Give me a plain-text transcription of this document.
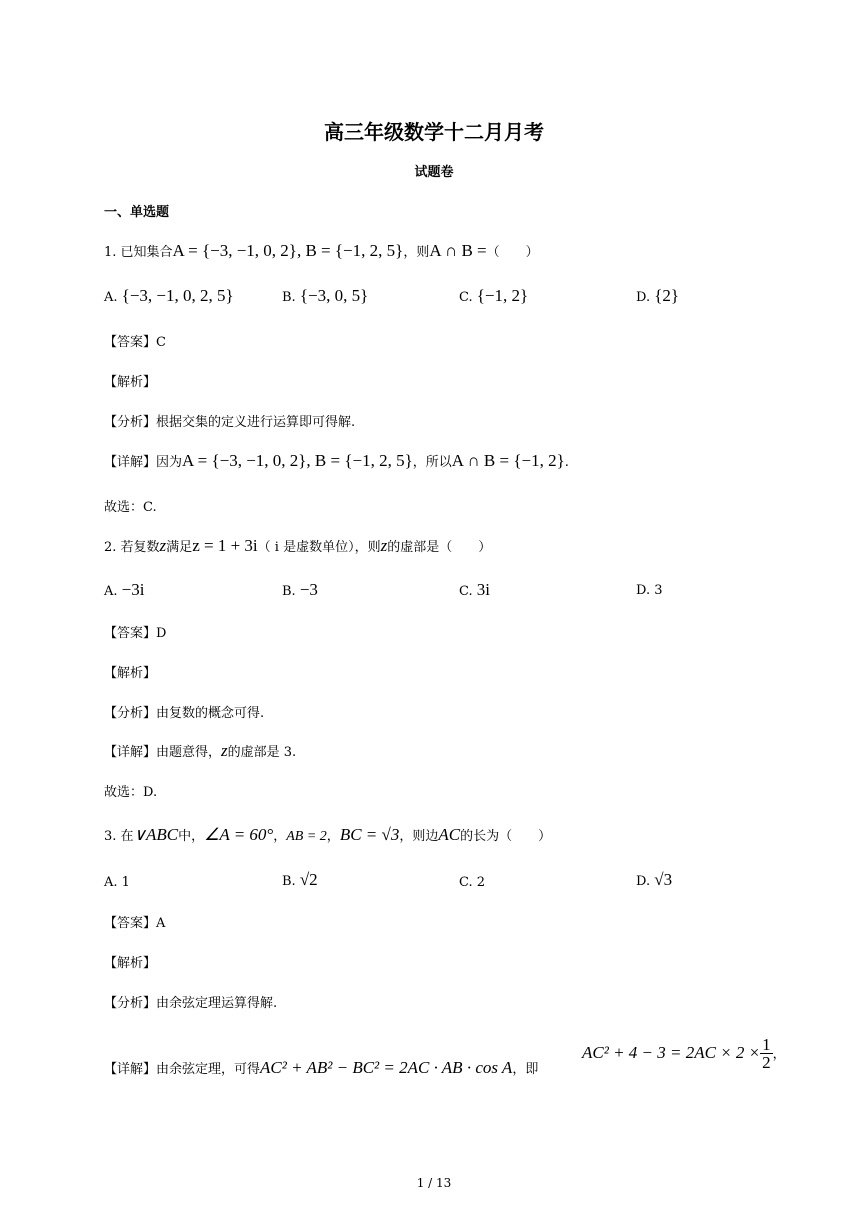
高三年级数学十二月月考
试题卷
一、单选题
1. 已知集合A = {−3, −1, 0, 2}, B = {−1, 2, 5}，则A ∩ B =（　　）
A. {−3, −1, 0, 2, 5}	B. {−3, 0, 5}	C. {−1, 2}	D. {2}
【答案】C
【解析】
【分析】根据交集的定义进行运算即可得解.
【详解】因为A = {−3, −1, 0, 2}, B = {−1, 2, 5}，所以A ∩ B = {−1, 2}.
故选：C.
2. 若复数z满足z = 1 + 3i（ i 是虚数单位），则z的虚部是（　　）
A. −3i	B. −3	C. 3i	D. 3
【答案】D
【解析】
【分析】由复数的概念可得.
【详解】由题意得，z的虚部是 3.
故选：D.
3. 在∨ABC中，∠A = 60°，AB = 2，BC = √3，则边AC的长为（　　）
A. 1	B. √2	C. 2	D. √3
【答案】A
【解析】
【分析】由余弦定理运算得解.
【详解】由余弦定理，可得AC² + AB² − BC² = 2AC · AB · cos A，即
$AC^2 + 4 - 3 = 2AC \times 2 \times \frac{1}{2}$ ，
1 / 13
